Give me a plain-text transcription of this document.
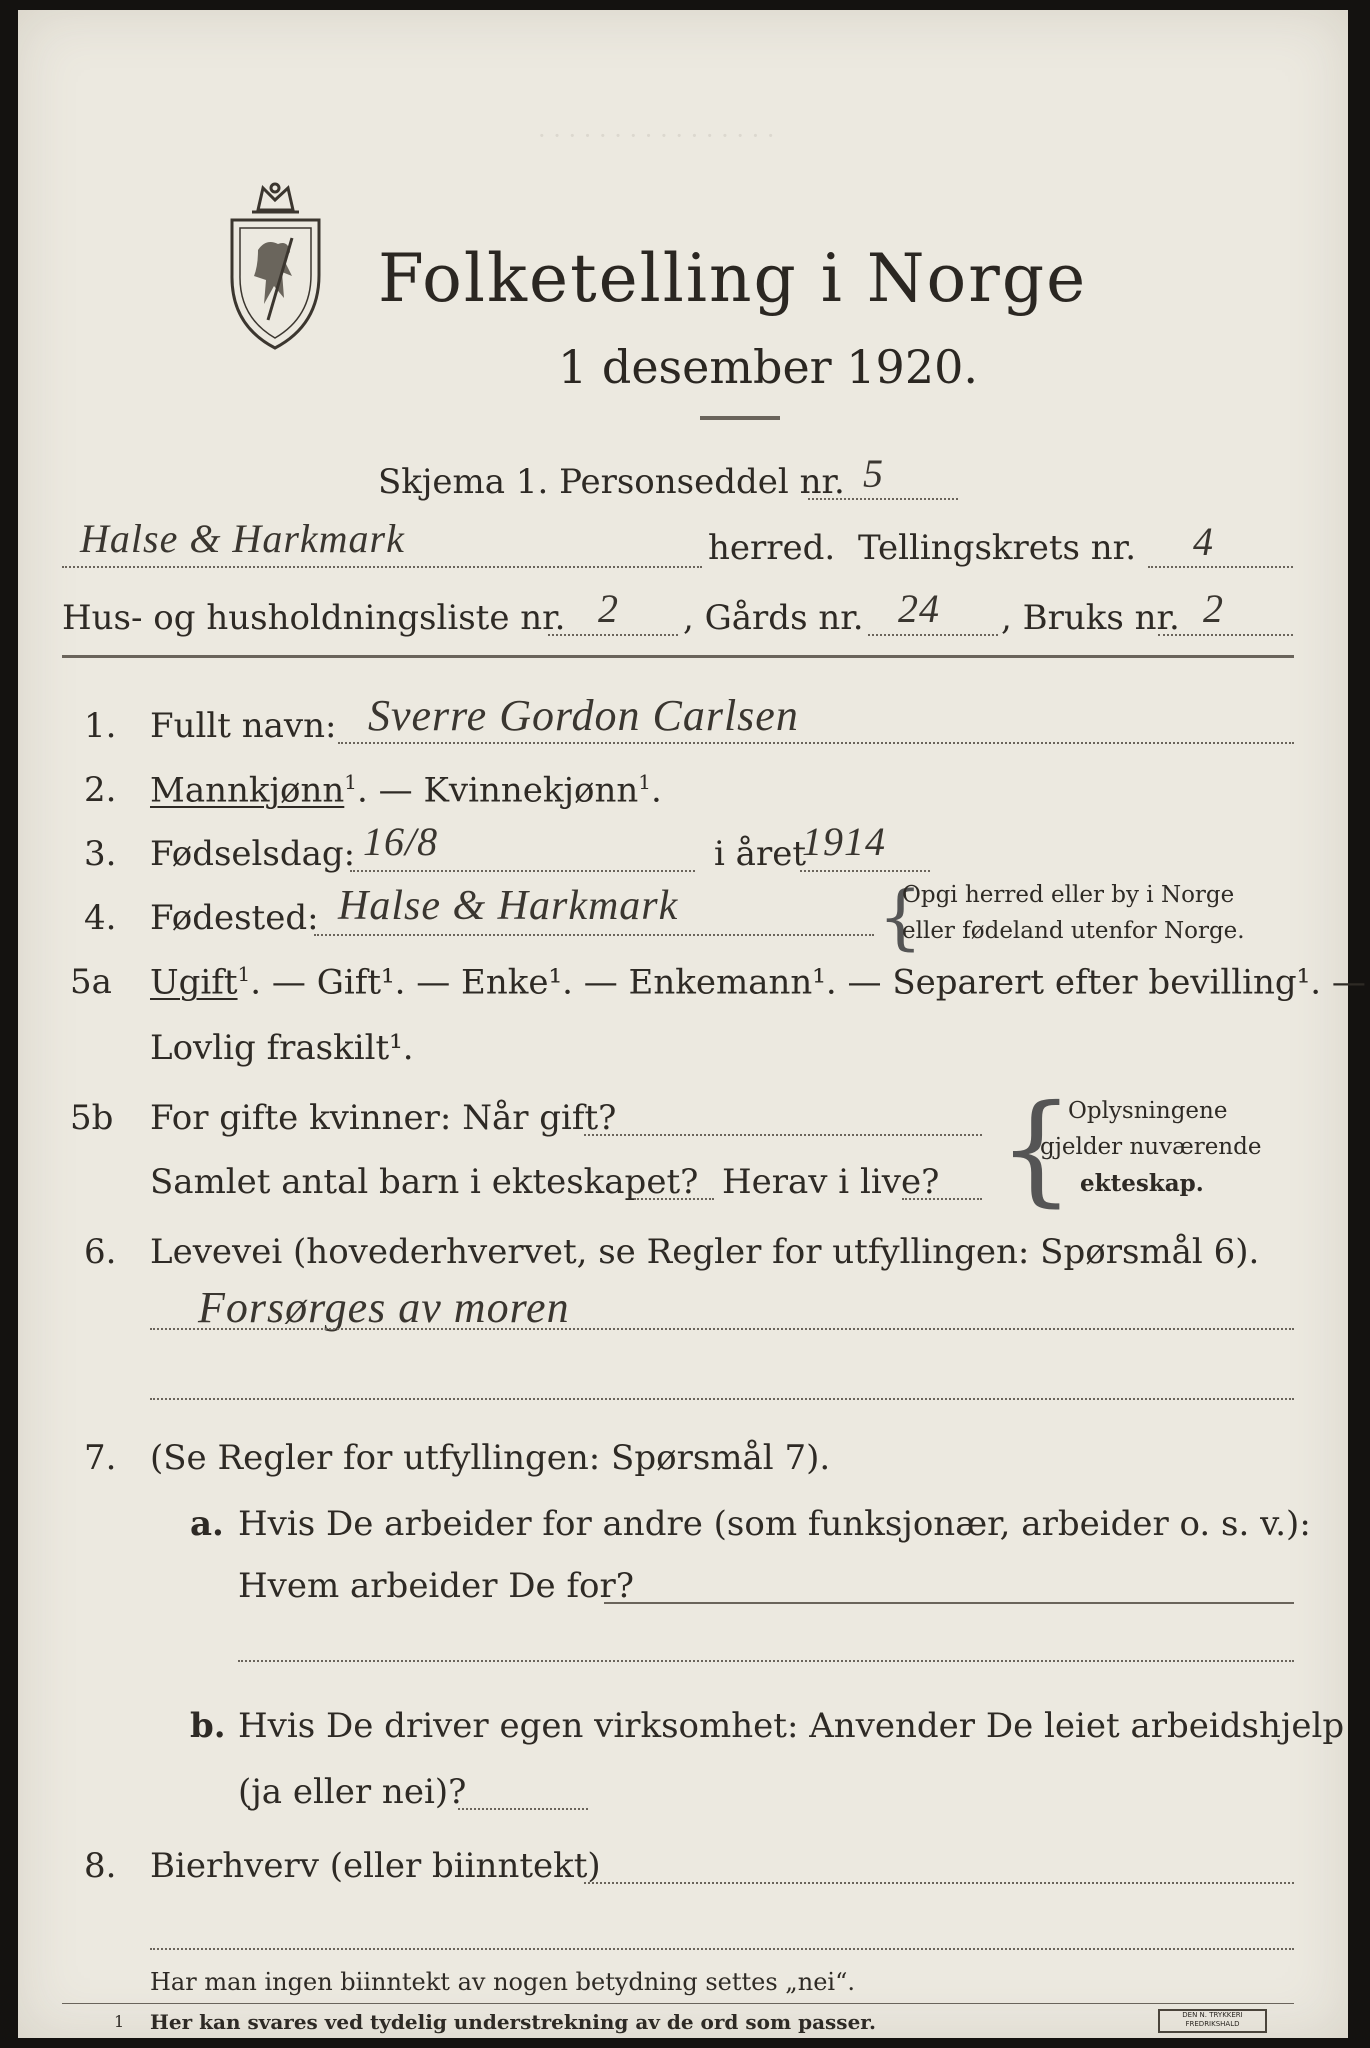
· · · · · · · · · · · · · · · ·
Folketelling i Norge
1 desember 1920.
Skjema 1. Personseddel nr. 5
Halse & Harkmark	herred. Tellingskrets nr. 4
Hus- og husholdningsliste nr. 2 , Gårds nr. 24 , Bruks nr. 2
1. Fullt navn: Sverre Gordon Carlsen
2. Mannkjønn$^1$. — Kvinnekjønn$^1$.
3. Fødselsdag: 16/8	i året
1914
4. Fødested: Halse & Harkmark	{
Opgi herred eller by i Norge
eller fødeland utenfor Norge.
5a Ugift$^1$. — Gift¹. — Enke¹. — Enkemann¹. — Separert efter bevilling¹. —
Lovlig fraskilt¹.
5b For gifte kvinner: Når gift?
Samlet antal barn i ekteskapet? Herav i live? {
Oplysningene
gjelder nuværende
ekteskap.
6. Levevei (hovederhvervet, se Regler for utfyllingen: Spørsmål 6).
Forsørges av moren
7. (Se Regler for utfyllingen: Spørsmål 7).
a. Hvis De arbeider for andre (som funksjonær, arbeider o. s. v.):
Hvem arbeider De for?
b. Hvis De driver egen virksomhet: Anvender De leiet arbeidshjelp
(ja eller nei)?
8. Bierhverv (eller biinntekt)
Har man ingen biinntekt av nogen betydning settes „nei“.
1 Her kan svares ved tydelig understrekning av de ord som passer.	DEN N. TRYKKERI FREDRIKSHALD
